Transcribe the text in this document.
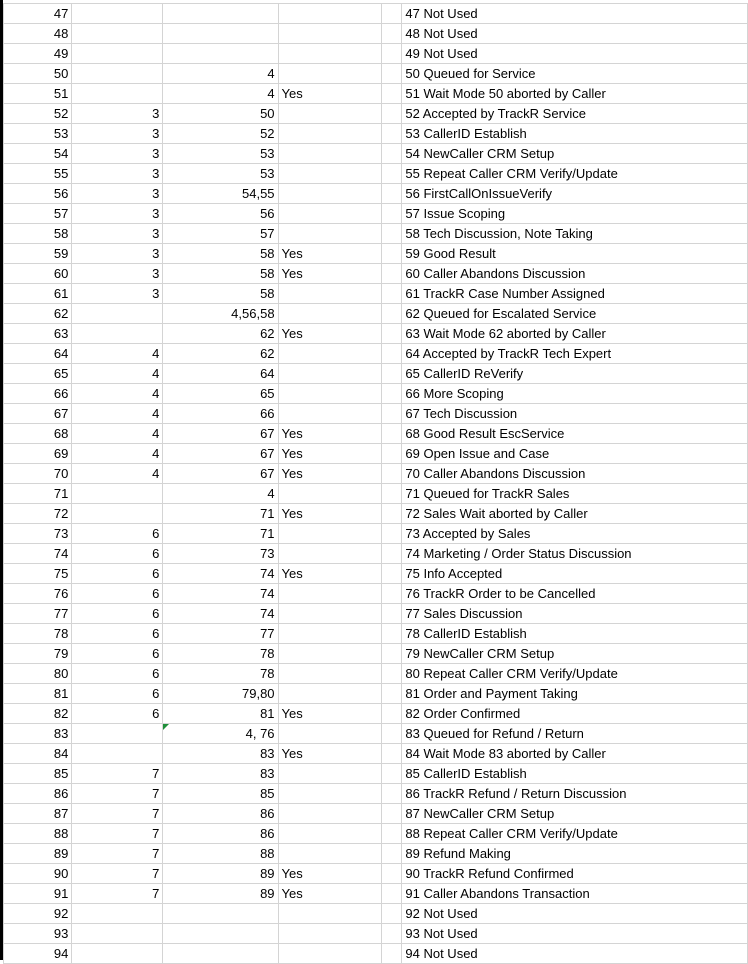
47					47 Not Used
48					48 Not Used
49					49 Not Used
50		4			50 Queued for Service
51		4	Yes		51 Wait Mode 50 aborted by Caller
52	3	50			52 Accepted by TrackR Service
53	3	52			53 CallerID Establish
54	3	53			54 NewCaller CRM Setup
55	3	53			55 Repeat Caller CRM Verify/Update
56	3	54,55			56 FirstCallOnIssueVerify
57	3	56			57 Issue Scoping
58	3	57			58 Tech Discussion, Note Taking
59	3	58	Yes		59 Good Result
60	3	58	Yes		60 Caller Abandons Discussion
61	3	58			61 TrackR Case Number Assigned
62		4,56,58			62 Queued for Escalated Service
63		62	Yes		63 Wait Mode 62 aborted by Caller
64	4	62			64 Accepted by TrackR Tech Expert
65	4	64			65 CallerID ReVerify
66	4	65			66 More Scoping
67	4	66			67 Tech Discussion
68	4	67	Yes		68 Good Result EscService
69	4	67	Yes		69 Open Issue and Case
70	4	67	Yes		70 Caller Abandons Discussion
71		4			71 Queued for TrackR Sales
72		71	Yes		72 Sales Wait aborted by Caller
73	6	71			73 Accepted by Sales
74	6	73			74 Marketing / Order Status Discussion
75	6	74	Yes		75 Info Accepted
76	6	74			76 TrackR Order to be Cancelled
77	6	74			77 Sales Discussion
78	6	77			78 CallerID Establish
79	6	78			79 NewCaller CRM Setup
80	6	78			80 Repeat Caller CRM Verify/Update
81	6	79,80			81 Order and Payment Taking
82	6	81	Yes		82 Order Confirmed
83		4, 76			83 Queued for Refund / Return
84		83	Yes		84 Wait Mode 83 aborted by Caller
85	7	83			85 CallerID Establish
86	7	85			86 TrackR Refund / Return Discussion
87	7	86			87 NewCaller CRM Setup
88	7	86			88 Repeat Caller CRM Verify/Update
89	7	88			89 Refund Making
90	7	89	Yes		90 TrackR Refund Confirmed
91	7	89	Yes		91 Caller Abandons Transaction
92					92 Not Used
93					93 Not Used
94					94 Not Used
